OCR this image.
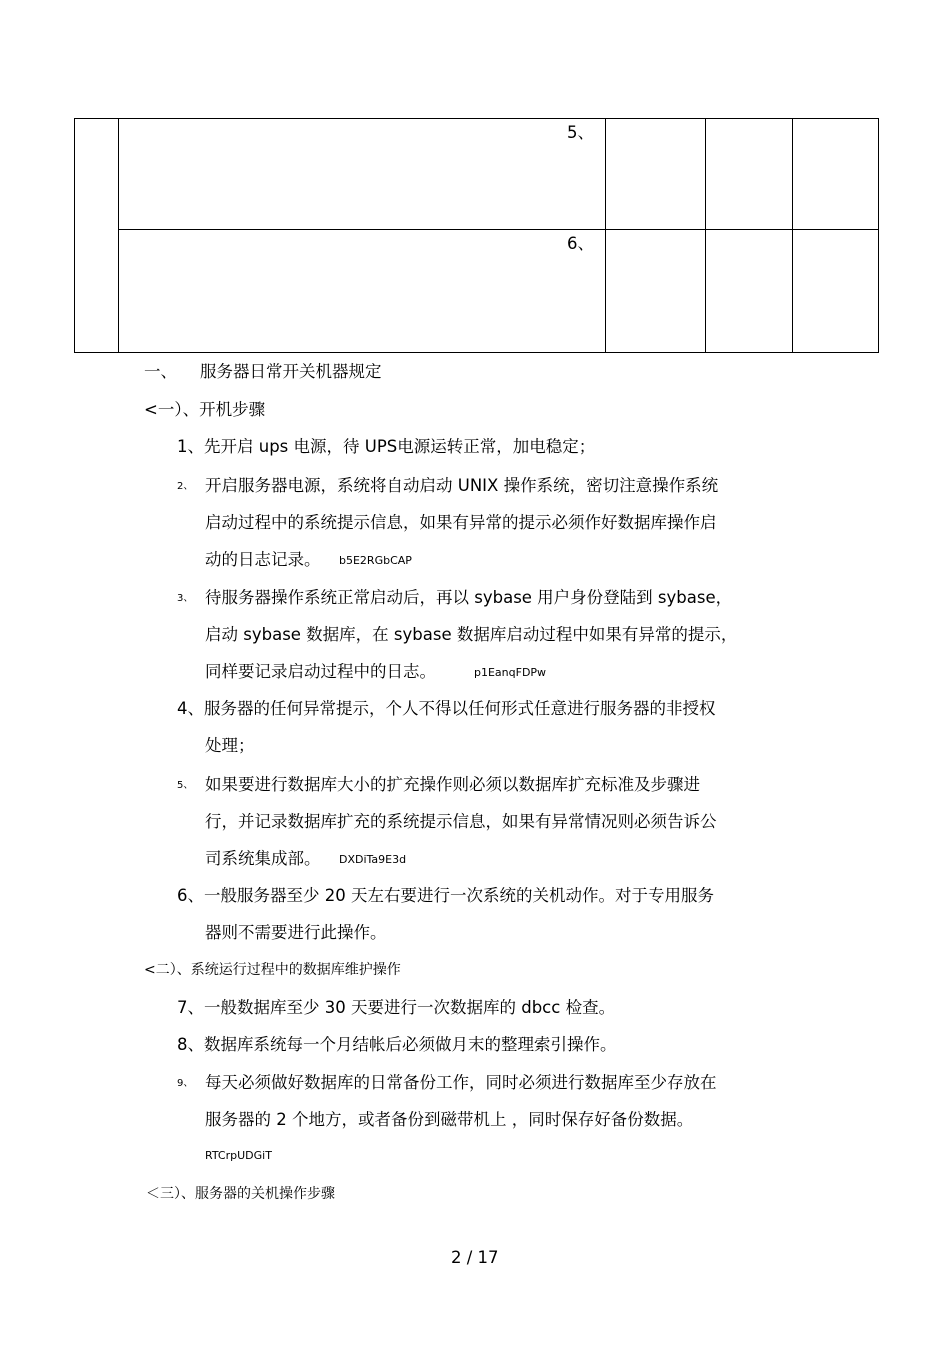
5、
6、
一、 服务器日常开关机器规定
<一）、开机步骤
1、先开启 ups 电源，待 UPS电源运转正常，加电稳定；
2、 开启服务器电源，系统将自动启动 UNIX 操作系统，密切注意操作系统
启动过程中的系统提示信息，如果有异常的提示必须作好数据库操作启
动的日志记录。 b5E2RGbCAP
3、 待服务器操作系统正常启动后，再以 sybase 用户身份登陆到 sybase，
启动 sybase 数据库，在 sybase 数据库启动过程中如果有异常的提示，
同样要记录启动过程中的日志。	p1EanqFDPw
4、服务器的任何异常提示，个人不得以任何形式任意进行服务器的非授权
处理；
5、 如果要进行数据库大小的扩充操作则必须以数据库扩充标准及步骤进
行，并记录数据库扩充的系统提示信息，如果有异常情况则必须告诉公
司系统集成部。 DXDiTa9E3d
6、一般服务器至少 20 天左右要进行一次系统的关机动作。对于专用服务
器则不需要进行此操作。
<二）、系统运行过程中的数据库维护操作
7、一般数据库至少 30 天要进行一次数据库的 dbcc 检查。
8、数据库系统每一个月结帐后必须做月末的整理索引操作。
9、 每天必须做好数据库的日常备份工作，同时必须进行数据库至少存放在
服务器的 2 个地方，或者备份到磁带机上 ，同时保存好备份数据。
RTCrpUDGiT
＜三）、服务器的关机操作步骤
2 / 17
